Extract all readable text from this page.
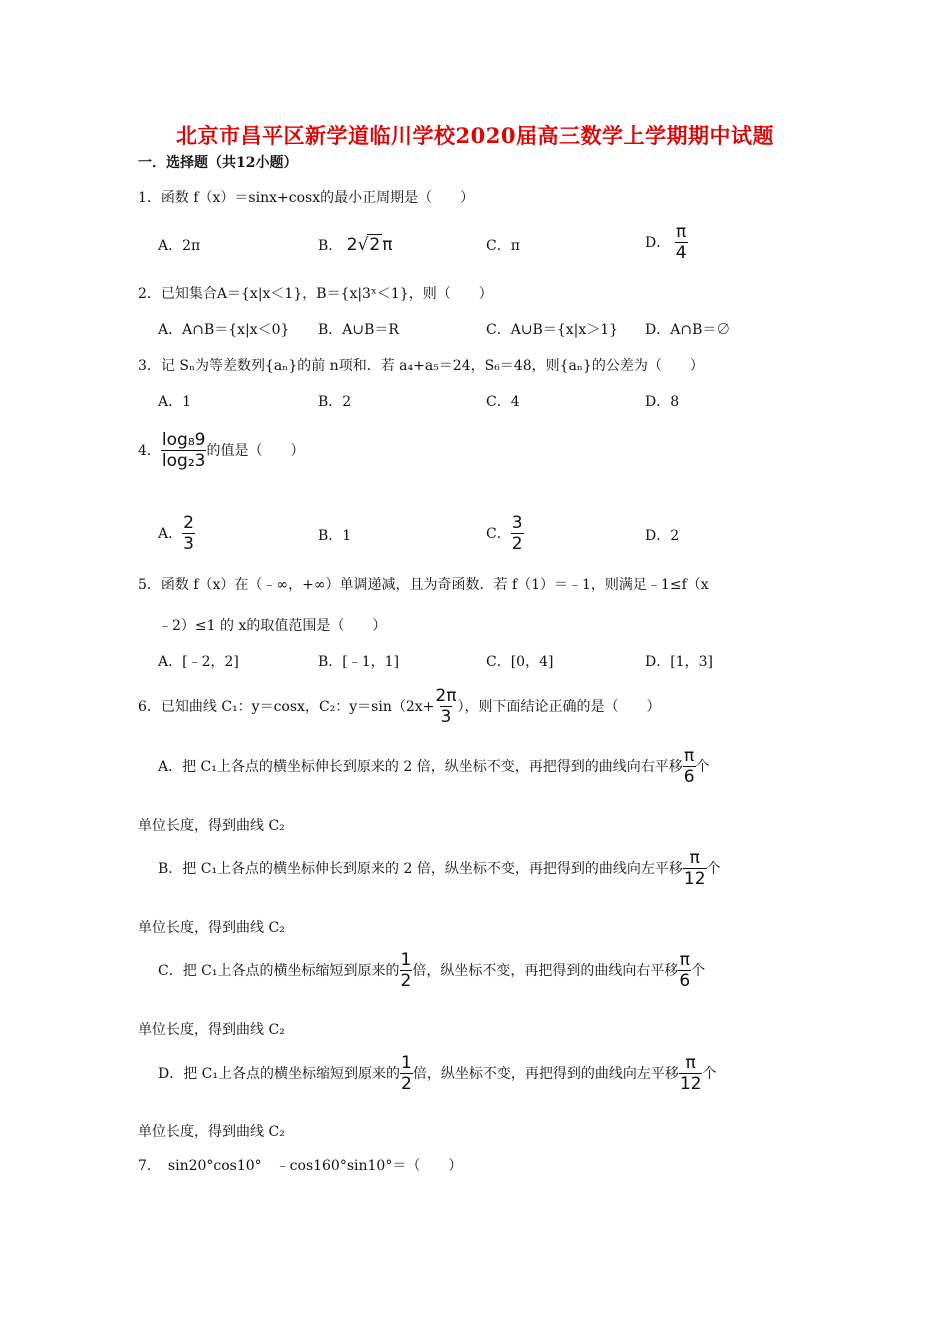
北京市昌平区新学道临川学校2020届高三数学上学期期中试题
一．选择题（共12小题）
1．函数 f（x）＝sinx+cosx的最小正周期是（　　）
A．2π	B． 2√2 π	C．π	D． $\frac{\pi}{4}$
2．已知集合A＝{x|x＜1}，B＝{x|3ˣ＜1}，则（　　）
A．A∩B＝{x|x＜0} B．A∪B＝R	C．A∪B＝{x|x＞1} D．A∩B＝∅
3．记 Sₙ为等差数列{aₙ}的前 n项和．若 a₄+a₅＝24，S₆＝48，则{aₙ}的公差为（　　）
A．1	B．2	C．4	D．8
4． $\frac{\text{log₈9}}{\text{log₂3}}$ 的值是（　　）
A． $\frac{2}{3}$	B．1	C． $\frac{3}{2}$	D．2
5．函数 f（x）在（﹣∞，+∞）单调递减，且为奇函数．若 f（1）＝﹣1，则满足﹣1≤f（x
﹣2）≤1 的 x的取值范围是（　　）
A．[﹣2，2]	B．[﹣1，1]	C．[0，4]	D．[1，3]
6．已知曲线 C₁：y＝cosx，C₂：$y=\sin(2x+ \frac{2\pi}{3}$ ），则下面结论正确的是（　　）
A．把 C₁上各点的横坐标伸长到原来的 2 倍，纵坐标不变，再把得到的曲线向右平移 $\frac{\pi}{6}$ 个
单位长度，得到曲线 C₂
B．把 C₁上各点的横坐标伸长到原来的 2 倍，纵坐标不变，再把得到的曲线向左平移 $\frac{\pi}{12}$ 个
单位长度，得到曲线 C₂
C．把 C₁上各点的横坐标缩短到原来的 $\frac{1}{2}$ 倍，纵坐标不变，再把得到的曲线向右平移 $\frac{\pi}{6}$ 个
单位长度，得到曲线 C₂
D．把 C₁上各点的横坐标缩短到原来的 $\frac{1}{2}$ 倍，纵坐标不变，再把得到的曲线向左平移 $\frac{\pi}{12}$ 个
单位长度，得到曲线 C₂
7．　sin20°cos10°　﹣cos160°sin10°＝（　　）
